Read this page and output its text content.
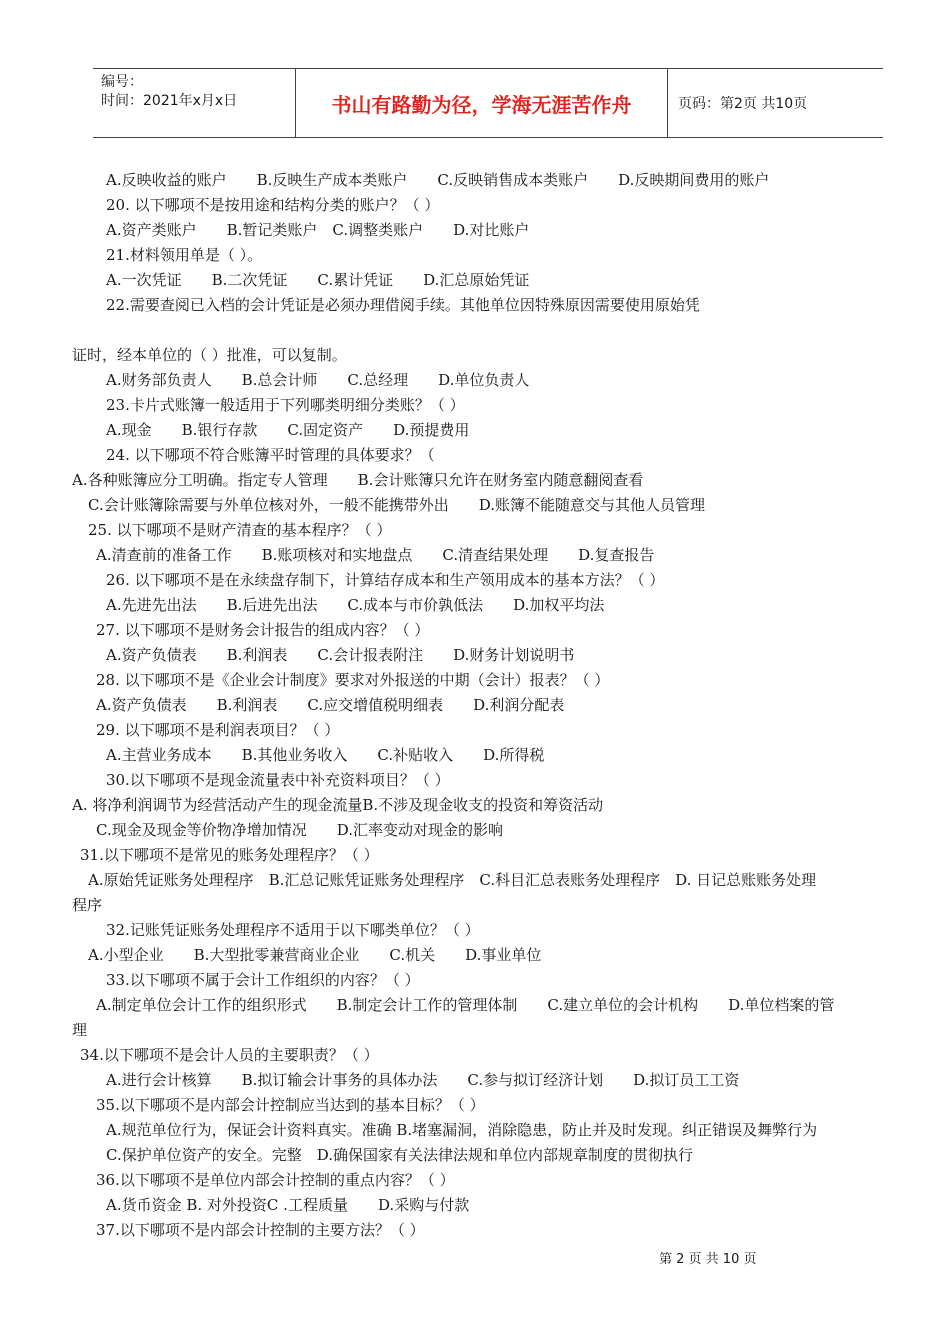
编号：
时间：2021年x月x日	书山有路勤为径，学海无涯苦作舟	页码：第2页 共10页
A.反映收益的账户　　B.反映生产成本类账户　　C.反映销售成本类账户　　D.反映期间费用的账户
20. 以下哪项不是按用途和结构分类的账户？（ ）
A.资产类账户　　B.暂记类账户　C.调整类账户　　D.对比账户
21.材料领用单是（ ）。
A.一次凭证　　B.二次凭证　　C.累计凭证　　D.汇总原始凭证
22.需要查阅已入档的会计凭证是必须办理借阅手续。其他单位因特殊原因需要使用原始凭
证时，经本单位的（ ）批准，可以复制。
A.财务部负责人　　B.总会计师　　C.总经理　　D.单位负责人
23.卡片式账簿一般适用于下列哪类明细分类账？（ ）
A.现金　　B.银行存款　　C.固定资产　　D.预提费用
24. 以下哪项不符合账簿平时管理的具体要求？（
A.各种账簿应分工明确。指定专人管理　　B.会计账簿只允许在财务室内随意翻阅查看
C.会计账簿除需要与外单位核对外，一般不能携带外出　　D.账簿不能随意交与其他人员管理
25. 以下哪项不是财产清查的基本程序？（ ）
A.清查前的准备工作　　B.账项核对和实地盘点　　C.清查结果处理　　D.复查报告
26. 以下哪项不是在永续盘存制下，计算结存成本和生产领用成本的基本方法？（ ）
A.先进先出法　　B.后进先出法　　C.成本与市价孰低法　　D.加权平均法
27. 以下哪项不是财务会计报告的组成内容？（ ）
A.资产负债表　　B.利润表　　C.会计报表附注　　D.财务计划说明书
28. 以下哪项不是《企业会计制度》要求对外报送的中期（会计）报表？（ ）
A.资产负债表　　B.利润表　　C.应交增值税明细表　　D.利润分配表
29. 以下哪项不是利润表项目？（ ）
A.主营业务成本　　B.其他业务收入　　C.补贴收入　　D.所得税
30.以下哪项不是现金流量表中补充资料项目？（ ）
A. 将净利润调节为经营活动产生的现金流量B.不涉及现金收支的投资和筹资活动
C.现金及现金等价物净增加情况　　D.汇率变动对现金的影响
31.以下哪项不是常见的账务处理程序？（ ）
A.原始凭证账务处理程序　B.汇总记账凭证账务处理程序　C.科目汇总表账务处理程序　D. 日记总账账务处理
程序
32.记账凭证账务处理程序不适用于以下哪类单位？（ ）
A.小型企业　　B.大型批零兼营商业企业　　C.机关　　D.事业单位
33.以下哪项不属于会计工作组织的内容？（ ）
A.制定单位会计工作的组织形式　　B.制定会计工作的管理体制　　C.建立单位的会计机构　　D.单位档案的管
理
34.以下哪项不是会计人员的主要职责？（ ）
A.进行会计核算　　B.拟订输会计事务的具体办法　　C.参与拟订经济计划　　D.拟订员工工资
35.以下哪项不是内部会计控制应当达到的基本目标？（ ）
A.规范单位行为，保证会计资料真实。准确 B.堵塞漏洞，消除隐患，防止并及时发现。纠正错误及舞弊行为
C.保护单位资产的安全。完整　D.确保国家有关法律法规和单位内部规章制度的贯彻执行
36.以下哪项不是单位内部会计控制的重点内容？（ ）
A.货币资金 B. 对外投资C .工程质量　　D.采购与付款
37.以下哪项不是内部会计控制的主要方法？（ ）
第 2 页 共 10 页
